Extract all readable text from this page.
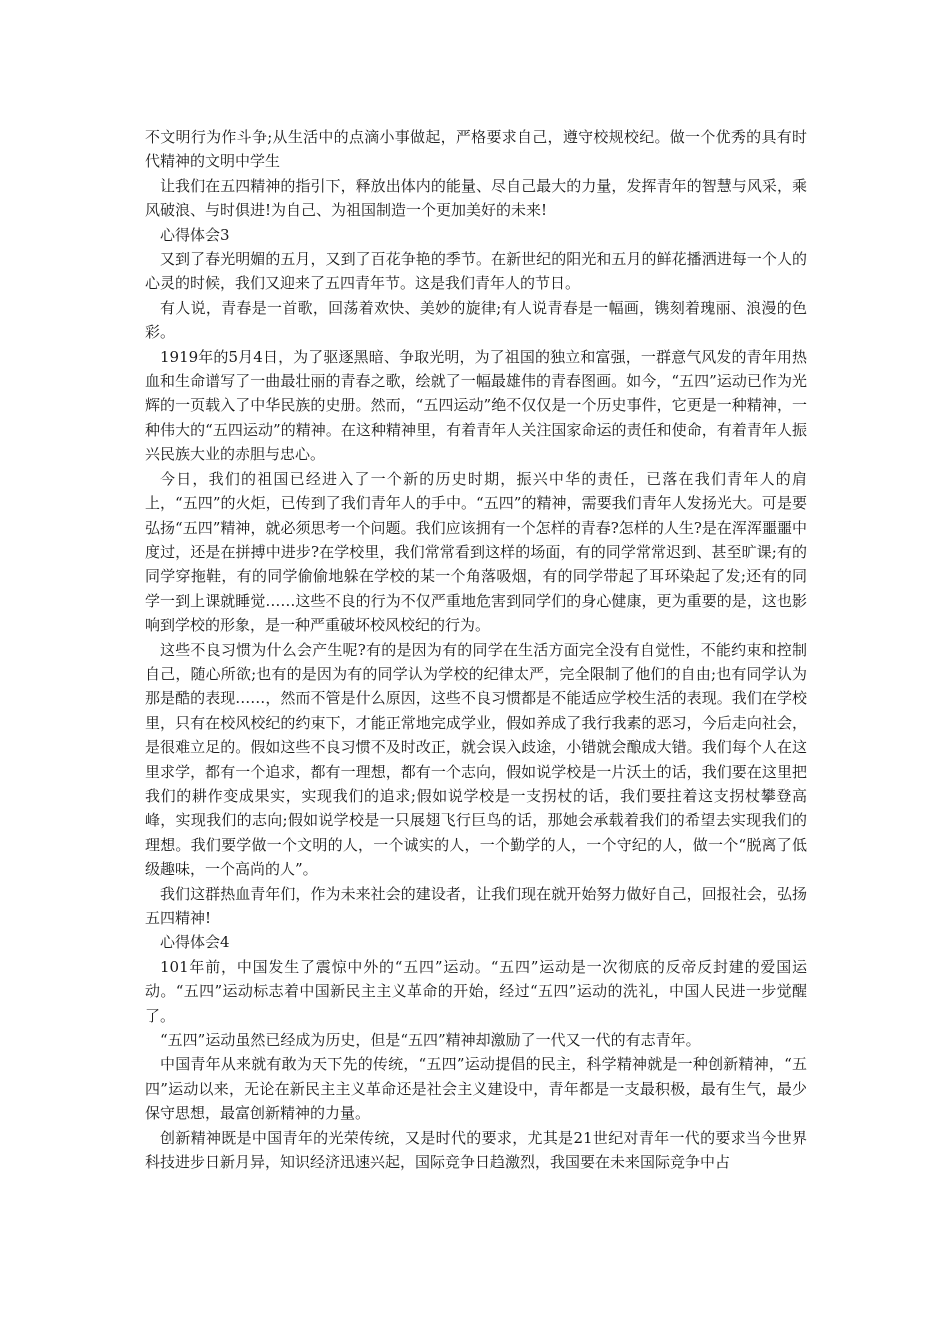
不文明行为作斗争;从生活中的点滴小事做起，严格要求自己，遵守校规校纪。做一个优秀的具有时代精神的文明中学生

让我们在五四精神的指引下，释放出体内的能量、尽自己最大的力量，发挥青年的智慧与风采，乘风破浪、与时俱进!为自己、为祖国制造一个更加美好的未来!

心得体会3

又到了春光明媚的五月，又到了百花争艳的季节。在新世纪的阳光和五月的鲜花播洒进每一个人的心灵的时候，我们又迎来了五四青年节。这是我们青年人的节日。

有人说，青春是一首歌，回荡着欢快、美妙的旋律;有人说青春是一幅画，镌刻着瑰丽、浪漫的色彩。

1919年的5月4日，为了驱逐黑暗、争取光明，为了祖国的独立和富强，一群意气风发的青年用热血和生命谱写了一曲最壮丽的青春之歌，绘就了一幅最雄伟的青春图画。如今，“五四”运动已作为光辉的一页载入了中华民族的史册。然而，“五四运动”绝不仅仅是一个历史事件，它更是一种精神，一种伟大的“五四运动”的精神。在这种精神里，有着青年人关注国家命运的责任和使命，有着青年人振兴民族大业的赤胆与忠心。

今日，我们的祖国已经进入了一个新的历史时期，振兴中华的责任，已落在我们青年人的肩上，“五四”的火炬，已传到了我们青年人的手中。“五四”的精神，需要我们青年人发扬光大。可是要弘扬“五四”精神，就必须思考一个问题。我们应该拥有一个怎样的青春?怎样的人生?是在浑浑噩噩中度过，还是在拼搏中进步?在学校里，我们常常看到这样的场面，有的同学常常迟到、甚至旷课;有的同学穿拖鞋，有的同学偷偷地躲在学校的某一个角落吸烟，有的同学带起了耳环染起了发;还有的同学一到上课就睡觉……这些不良的行为不仅严重地危害到同学们的身心健康，更为重要的是，这也影响到学校的形象，是一种严重破坏校风校纪的行为。

这些不良习惯为什么会产生呢?有的是因为有的同学在生活方面完全没有自觉性，不能约束和控制自己，随心所欲;也有的是因为有的同学认为学校的纪律太严，完全限制了他们的自由;也有同学认为那是酷的表现……，然而不管是什么原因，这些不良习惯都是不能适应学校生活的表现。我们在学校里，只有在校风校纪的约束下，才能正常地完成学业，假如养成了我行我素的恶习，今后走向社会，是很难立足的。假如这些不良习惯不及时改正，就会误入歧途，小错就会酿成大错。我们每个人在这里求学，都有一个追求，都有一理想，都有一个志向，假如说学校是一片沃土的话，我们要在这里把我们的耕作变成果实，实现我们的追求;假如说学校是一支拐杖的话，我们要拄着这支拐杖攀登高峰，实现我们的志向;假如说学校是一只展翅飞行巨鸟的话，那她会承载着我们的希望去实现我们的理想。我们要学做一个文明的人，一个诚实的人，一个勤学的人，一个守纪的人，做一个“脱离了低级趣味，一个高尚的人”。

我们这群热血青年们，作为未来社会的建设者，让我们现在就开始努力做好自己，回报社会，弘扬五四精神!

心得体会4

101年前，中国发生了震惊中外的“五四”运动。“五四”运动是一次彻底的反帝反封建的爱国运动。“五四”运动标志着中国新民主主义革命的开始，经过“五四”运动的洗礼，中国人民进一步觉醒了。

“五四”运动虽然已经成为历史，但是“五四”精神却激励了一代又一代的有志青年。

中国青年从来就有敢为天下先的传统，“五四”运动提倡的民主，科学精神就是一种创新精神，“五四”运动以来，无论在新民主主义革命还是社会主义建设中，青年都是一支最积极，最有生气，最少保守思想，最富创新精神的力量。

创新精神既是中国青年的光荣传统，又是时代的要求，尤其是21世纪对青年一代的要求当今世界科技进步日新月异，知识经济迅速兴起，国际竞争日趋激烈，我国要在未来国际竞争中占
